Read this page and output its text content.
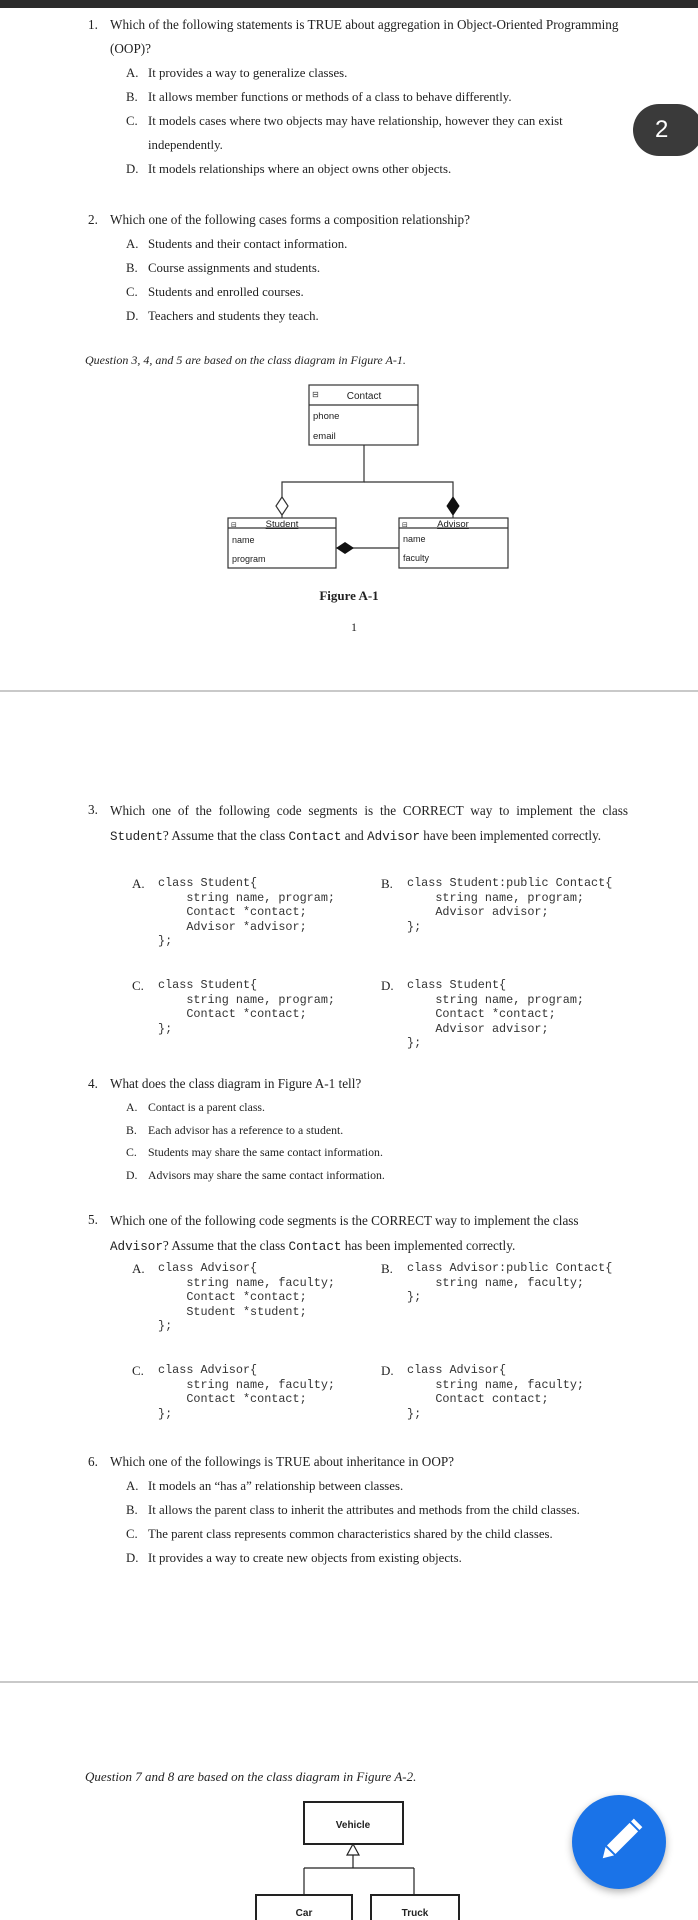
1. Which of the following statements is TRUE about aggregation in Object-Oriented Programming (OOP)?
A. It provides a way to generalize classes.
B. It allows member functions or methods of a class to behave differently.
C. It models cases where two objects may have relationship, however they can exist independently.
D. It models relationships where an object owns other objects.
2
2. Which one of the following cases forms a composition relationship?
A. Students and their contact information.
B. Course assignments and students.
C. Students and enrolled courses.
D. Teachers and students they teach.
Question 3, 4, and 5 are based on the class diagram in Figure A-1.
⊟	Contact
phone
email
⊟	Student
name
program
⊟	Advisor
name
faculty
Figure A-1
1
3. Which one of the following code segments is the CORRECT way to implement the class Student? Assume that the class Contact and Advisor have been implemented correctly.
A. class Student{
string name, program;
Contact *contact;
Advisor *advisor;
};
B. class Student:public Contact{
string name, program;
Advisor advisor;
};
C. class Student{
string name, program;
Contact *contact;
};
D. class Student{
string name, program;
Contact *contact;
Advisor advisor;
};
4. What does the class diagram in Figure A-1 tell?
A. Contact is a parent class.
B. Each advisor has a reference to a student.
C. Students may share the same contact information.
D. Advisors may share the same contact information.
5. Which one of the following code segments is the CORRECT way to implement the class Advisor? Assume that the class Contact has been implemented correctly.
A. class Advisor{
string name, faculty;
Contact *contact;
Student *student;
};
B. class Advisor:public Contact{
string name, faculty;
};
C. class Advisor{
string name, faculty;
Contact *contact;
};
D. class Advisor{
string name, faculty;
Contact contact;
};
6. Which one of the followings is TRUE about inheritance in OOP?
A. It models an “has a” relationship between classes.
B. It allows the parent class to inherit the attributes and methods from the child classes.
C. The parent class represents common characteristics shared by the child classes.
D. It provides a way to create new objects from existing objects.
Question 7 and 8 are based on the class diagram in Figure A-2.
Vehicle
Car	Truck
